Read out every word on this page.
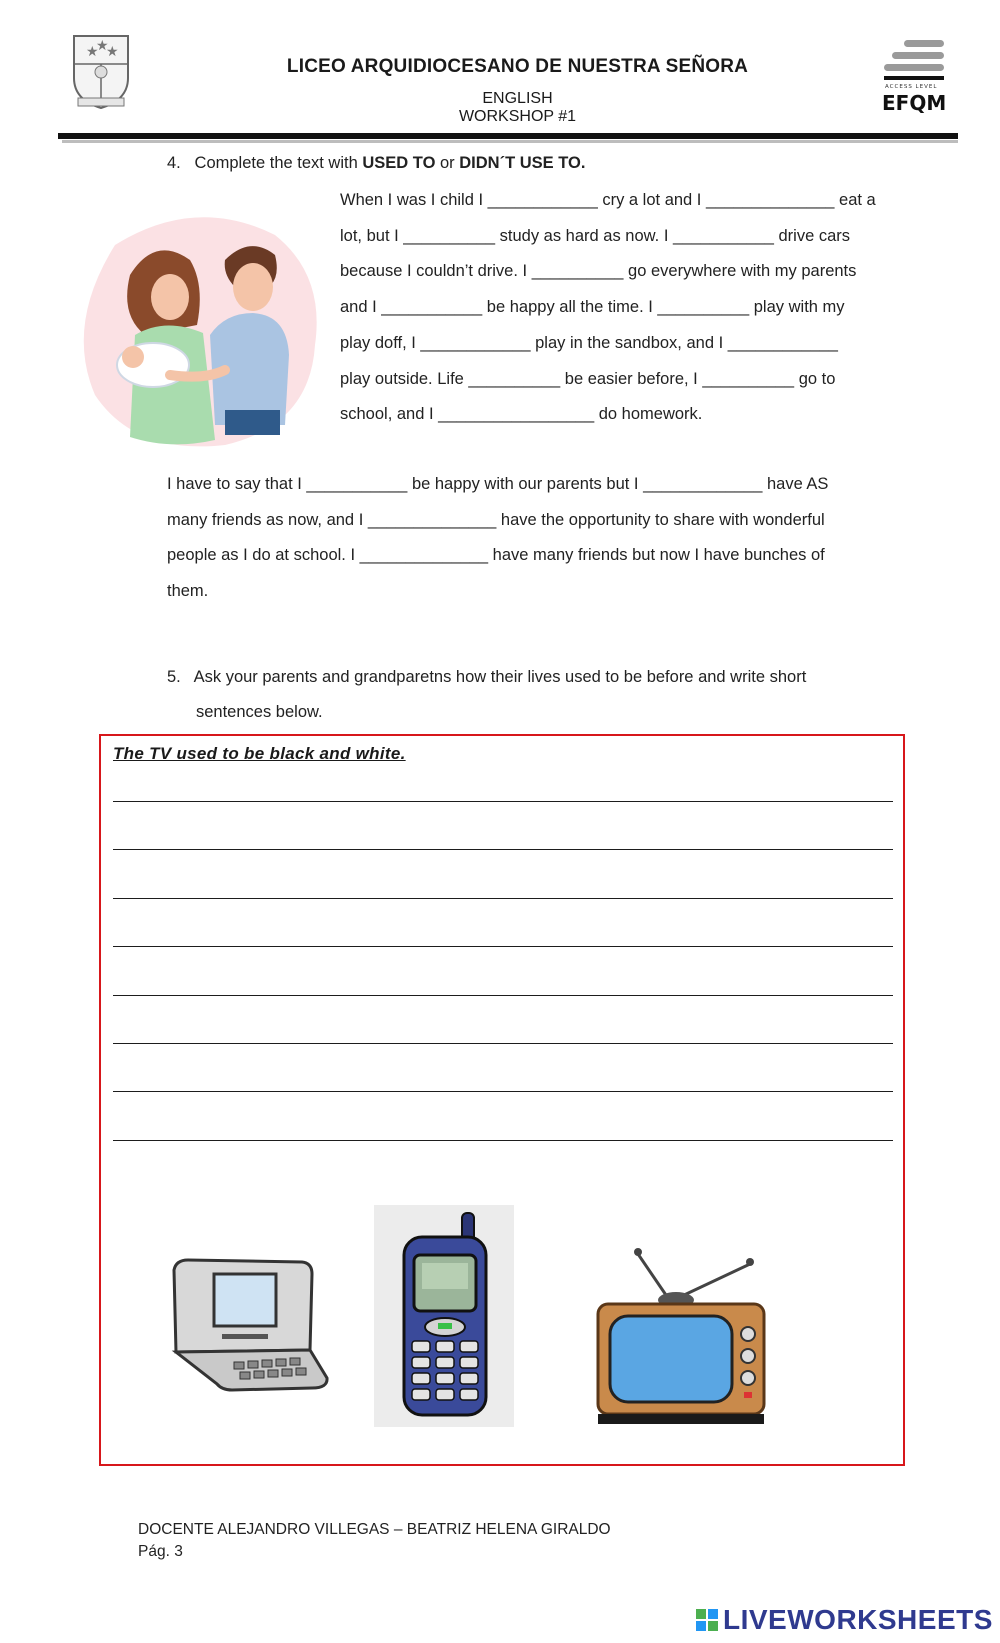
★
★
★
LICEO ARQUIDIOCESANO DE NUESTRA SEÑORA
ENGLISH
WORKSHOP #1
ACCESS LEVEL
EFQM
4. Complete the text with USED TO or DIDN´T USE TO.
When I was I child I ____________ cry a lot and I ______________ eat a
lot, but I __________ study as hard as now. I ___________ drive cars
because I couldn’t drive. I __________ go everywhere with my parents
and I ___________ be happy all the time. I __________ play with my
play doff, I ____________ play in the sandbox, and I ____________
play outside. Life __________ be easier before, I __________ go to
school, and I _________________ do homework.
I have to say that I ___________ be happy with our parents but I _____________ have AS
many friends as now, and I ______________ have the opportunity to share with wonderful
people as I do at school. I ______________ have many friends but now I have bunches of
them.
5.   Ask your parents and grandparetns how their lives used to be before and write short
sentences below.
The TV used to be black and white.
DOCENTE ALEJANDRO VILLEGAS – BEATRIZ HELENA GIRALDO
Pág. 3
LIVEWORKSHEETS
